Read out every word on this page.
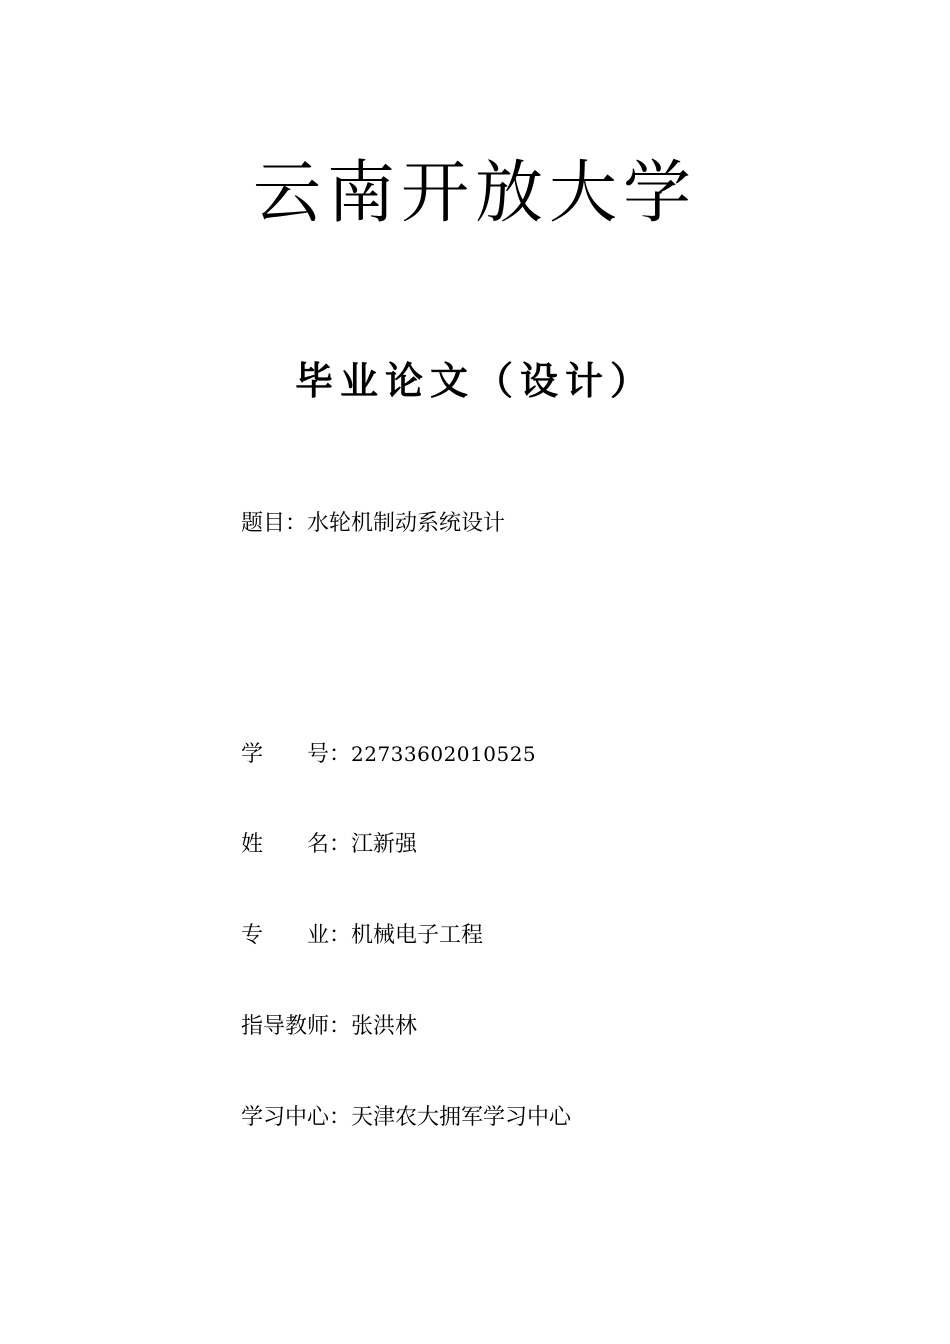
云南开放大学
毕业论文（设计）
题目：水轮机制动系统设计
学 号： 22733602010525
姓 名： 江新强
专 业： 机械电子工程
指导教师：张洪林
学习中心：天津农大拥军学习中心
